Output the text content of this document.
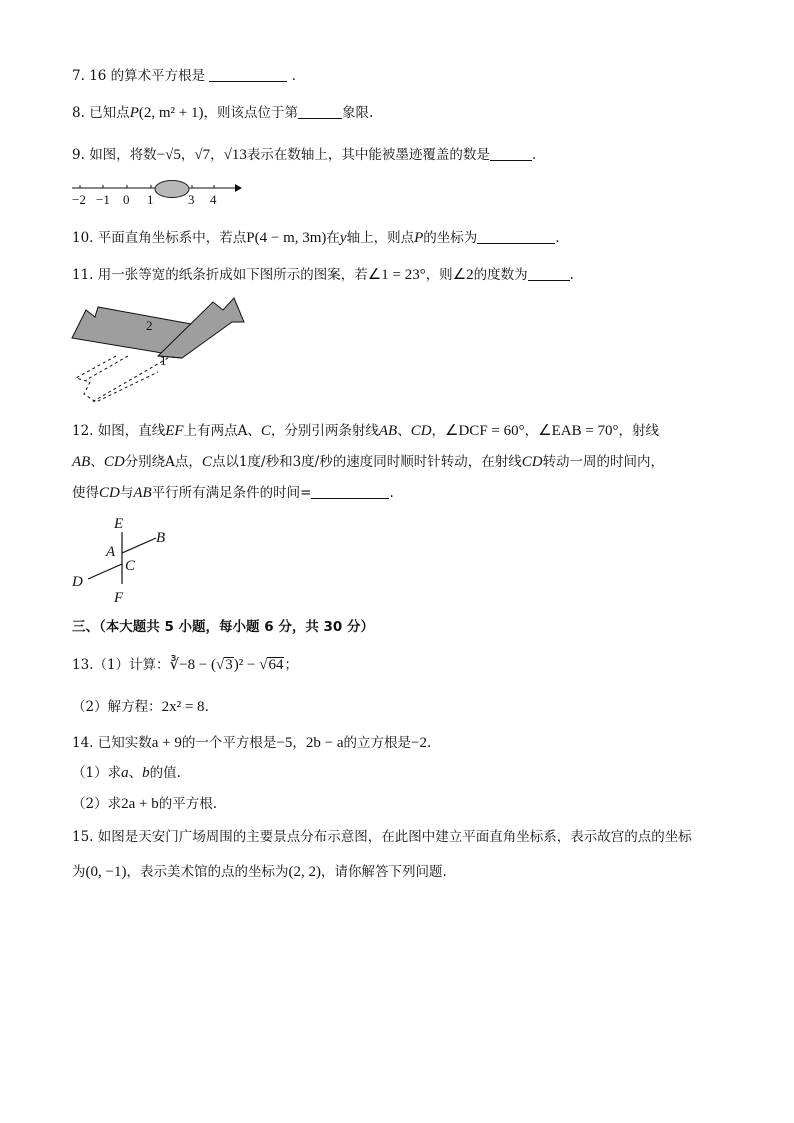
7. 16 的算术平方根是	.
8. 已知点P(2, m² + 1)，则该点位于第	象限.
9. 如图，将数−√5，√7，√13表示在数轴上，其中能被墨迹覆盖的数是	.
−2 −1 0 1	3 4
10. 平面直角坐标系中，若点P(4 − m, 3m)在y轴上，则点P的坐标为	.
11. 用一张等宽的纸条折成如下图所示的图案，若∠1 = 23°，则∠2的度数为	.
2
1
12. 如图，直线EF上有两点A、C，分别引两条射线AB、CD，∠DCF = 60°，∠EAB = 70°，射线
AB、CD分别绕A点，C点以1度/秒和3度/秒的速度同时顺时针转动，在射线CD转动一周的时间内，
使得CD与AB平行所有满足条件的时间=	.
E
B
A
C
D
F
三、（本大题共 5 小题，每小题 6 分，共 30 分）
13.（1）计算：∛−8 − (√3)² − √64；
（2）解方程：2x² = 8.
14. 已知实数a + 9的一个平方根是−5，2b − a的立方根是−2.
（1）求a、b的值.
（2）求2a + b的平方根.
15. 如图是天安门广场周围的主要景点分布示意图，在此图中建立平面直角坐标系，表示故宫的点的坐标
为(0, −1)，表示美术馆的点的坐标为(2, 2)，请你解答下列问题.
